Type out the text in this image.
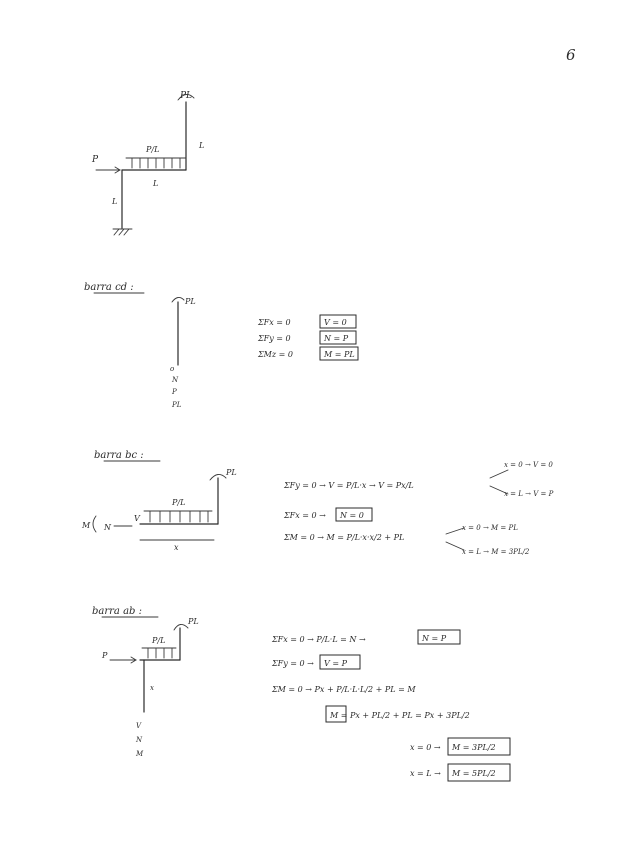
6
PL
P/L
P
L
L
L
barra cd :
PL
o
N
P
PL
ΣFx = 0	V = 0
ΣFy = 0	N = P
ΣMz = 0	M = PL
barra bc :
PL
P/L
M N
V
x
ΣFy = 0 → V = P/L·x → V = Px/L
x = 0 → V = 0
x = L → V = P
ΣFx = 0 → N = 0
ΣM = 0 → M = P/L·x·x/2 + PL
x = 0 → M = PL
x = L → M = 3PL/2
barra ab :
PL
P/L
P
x
V
N
M
ΣFx = 0 → P/L·L = N →	N = P
ΣFy = 0 → V = P
ΣM = 0 → Px + P/L·L·L/2 + PL = M
M = Px + PL/2 + PL = Px + 3PL/2
x = 0 → M = 3PL/2
x = L → M = 5PL/2
